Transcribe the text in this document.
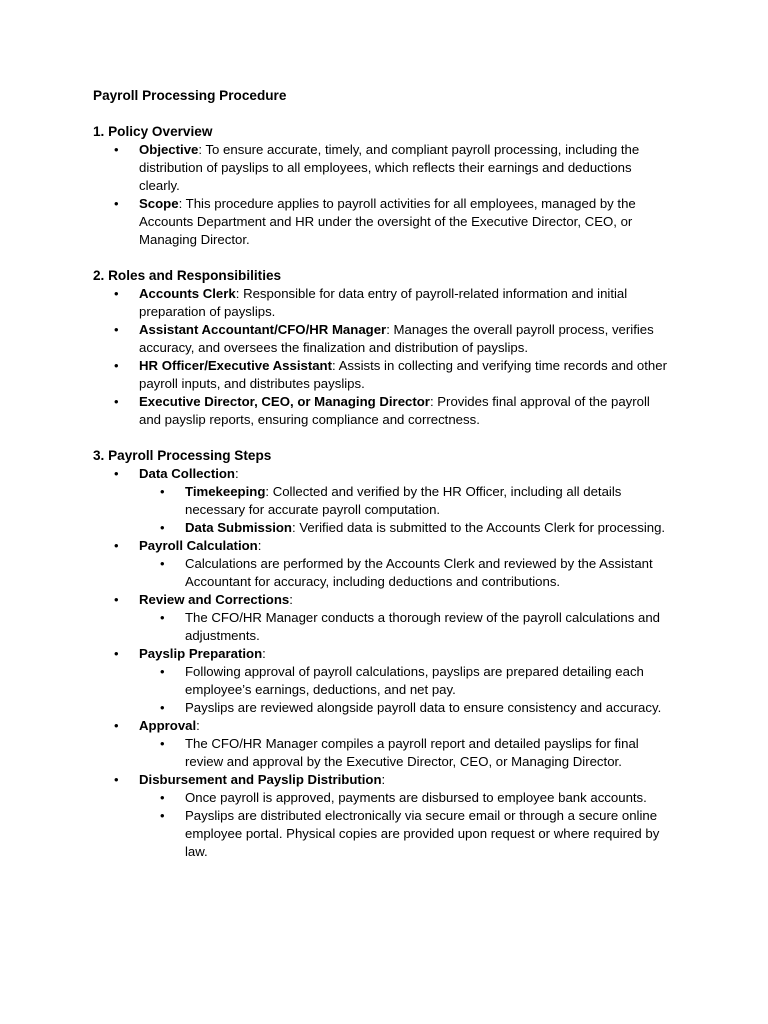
Payroll Processing Procedure
1. Policy Overview
• Objective: To ensure accurate, timely, and compliant payroll processing, including the distribution of payslips to all employees, which reflects their earnings and deductions clearly.
• Scope: This procedure applies to payroll activities for all employees, managed by the Accounts Department and HR under the oversight of the Executive Director, CEO, or Managing Director.
2. Roles and Responsibilities
• Accounts Clerk: Responsible for data entry of payroll-related information and initial preparation of payslips.
• Assistant Accountant/CFO/HR Manager: Manages the overall payroll process, verifies accuracy, and oversees the finalization and distribution of payslips.
• HR Officer/Executive Assistant: Assists in collecting and verifying time records and other payroll inputs, and distributes payslips.
• Executive Director, CEO, or Managing Director: Provides final approval of the payroll and payslip reports, ensuring compliance and correctness.
3. Payroll Processing Steps
• Data Collection:
• Timekeeping: Collected and verified by the HR Officer, including all details necessary for accurate payroll computation.
• Data Submission: Verified data is submitted to the Accounts Clerk for processing.
• Payroll Calculation:
• Calculations are performed by the Accounts Clerk and reviewed by the Assistant Accountant for accuracy, including deductions and contributions.
• Review and Corrections:
• The CFO/HR Manager conducts a thorough review of the payroll calculations and adjustments.
• Payslip Preparation:
• Following approval of payroll calculations, payslips are prepared detailing each employee’s earnings, deductions, and net pay.
• Payslips are reviewed alongside payroll data to ensure consistency and accuracy.
• Approval:
• The CFO/HR Manager compiles a payroll report and detailed payslips for final review and approval by the Executive Director, CEO, or Managing Director.
• Disbursement and Payslip Distribution:
• Once payroll is approved, payments are disbursed to employee bank accounts.
• Payslips are distributed electronically via secure email or through a secure online employee portal. Physical copies are provided upon request or where required by law.
